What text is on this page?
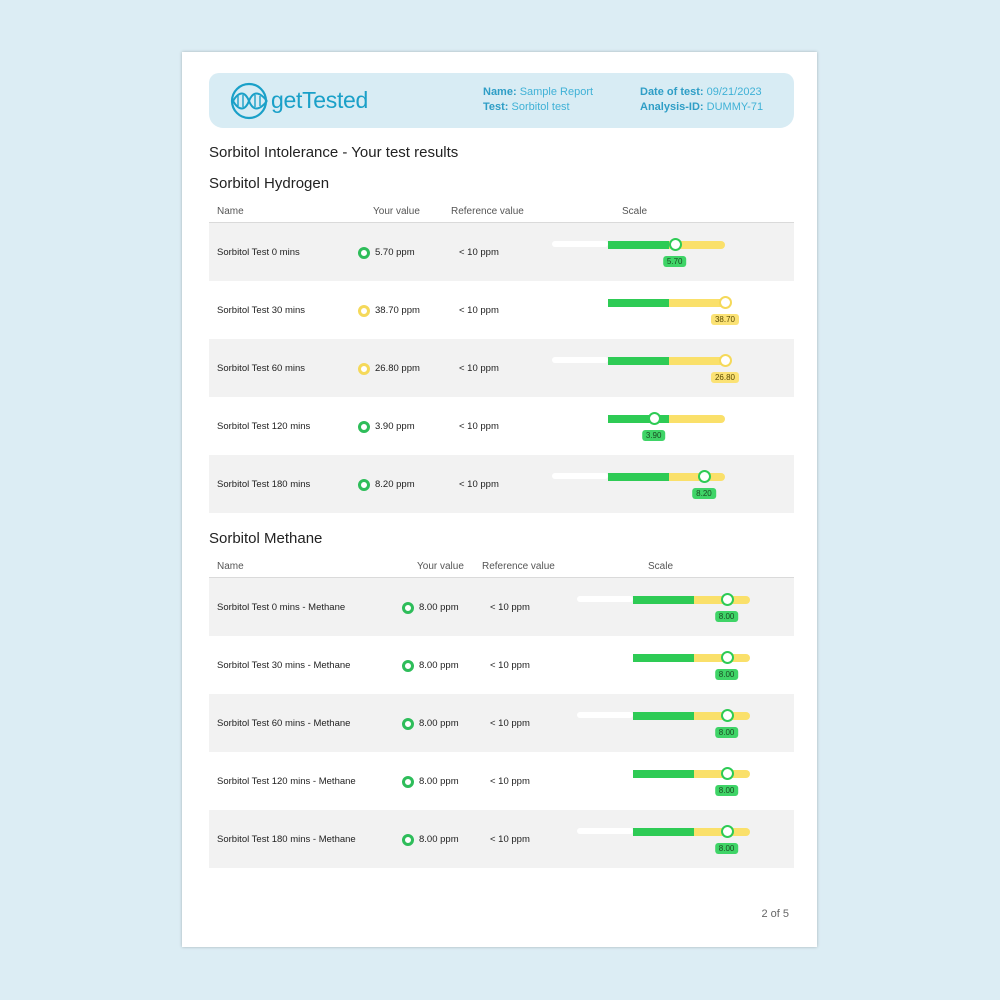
getTested	Name: Sample Report
Test: Sorbitol test
Date of test: 09/21/2023
Analysis-ID: DUMMY-71
Sorbitol Intolerance - Your test results
Sorbitol Hydrogen
Name	Your value	Reference value	Scale
Sorbitol Test 0 mins	5.70 ppm	< 10 ppm
5.70
Sorbitol Test 30 mins	38.70 ppm	< 10 ppm
38.70
Sorbitol Test 60 mins	26.80 ppm	< 10 ppm
26.80
Sorbitol Test 120 mins	3.90 ppm	< 10 ppm
3.90
Sorbitol Test 180 mins	8.20 ppm	< 10 ppm
8.20
Sorbitol Methane
Name	Your value Reference value	Scale
Sorbitol Test 0 mins - Methane	8.00 ppm	< 10 ppm
8.00
Sorbitol Test 30 mins - Methane	8.00 ppm	< 10 ppm
8.00
Sorbitol Test 60 mins - Methane	8.00 ppm	< 10 ppm
8.00
Sorbitol Test 120 mins - Methane	8.00 ppm	< 10 ppm
8.00
Sorbitol Test 180 mins - Methane	8.00 ppm	< 10 ppm
8.00
2 of 5
